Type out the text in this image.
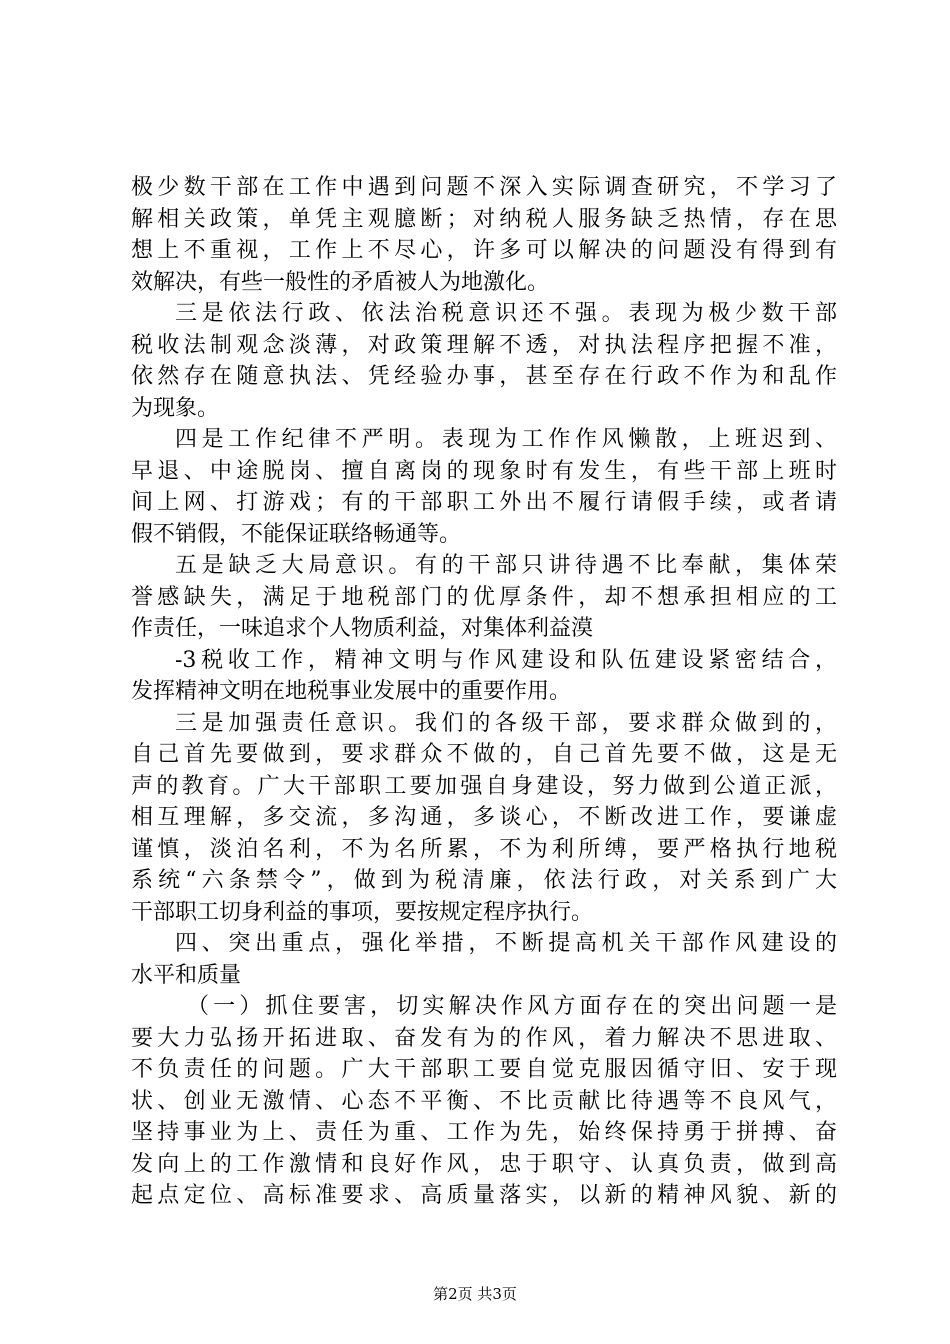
极少数干部在工作中遇到问题不深入实际调查研究，不学习了
解相关政策，单凭主观臆断；对纳税人服务缺乏热情，存在思
想上不重视，工作上不尽心，许多可以解决的问题没有得到有
效解决，有些一般性的矛盾被人为地激化。
三是依法行政、依法治税意识还不强。表现为极少数干部
税收法制观念淡薄，对政策理解不透，对执法程序把握不准，
依然存在随意执法、凭经验办事，甚至存在行政不作为和乱作
为现象。
四是工作纪律不严明。表现为工作作风懒散，上班迟到、
早退、中途脱岗、擅自离岗的现象时有发生，有些干部上班时
间上网、打游戏；有的干部职工外出不履行请假手续，或者请
假不销假，不能保证联络畅通等。
五是缺乏大局意识。有的干部只讲待遇不比奉献，集体荣
誉感缺失，满足于地税部门的优厚条件，却不想承担相应的工
作责任，一味追求个人物质利益，对集体利益漠
-3税收工作，精神文明与作风建设和队伍建设紧密结合，
发挥精神文明在地税事业发展中的重要作用。
三是加强责任意识。我们的各级干部，要求群众做到的，
自己首先要做到，要求群众不做的，自己首先要不做，这是无
声的教育。广大干部职工要加强自身建设，努力做到公道正派，
相互理解，多交流，多沟通，多谈心，不断改进工作，要谦虚
谨慎，淡泊名利，不为名所累，不为利所缚，要严格执行地税
系统“六条禁令”，做到为税清廉，依法行政，对关系到广大
干部职工切身利益的事项，要按规定程序执行。
四、突出重点，强化举措，不断提高机关干部作风建设的
水平和质量
（一）抓住要害，切实解决作风方面存在的突出问题一是
要大力弘扬开拓进取、奋发有为的作风，着力解决不思进取、
不负责任的问题。广大干部职工要自觉克服因循守旧、安于现
状、创业无激情、心态不平衡、不比贡献比待遇等不良风气，
坚持事业为上、责任为重、工作为先，始终保持勇于拼搏、奋
发向上的工作激情和良好作风，忠于职守、认真负责，做到高
起点定位、高标准要求、高质量落实，以新的精神风貌、新的
第2页 共3页
